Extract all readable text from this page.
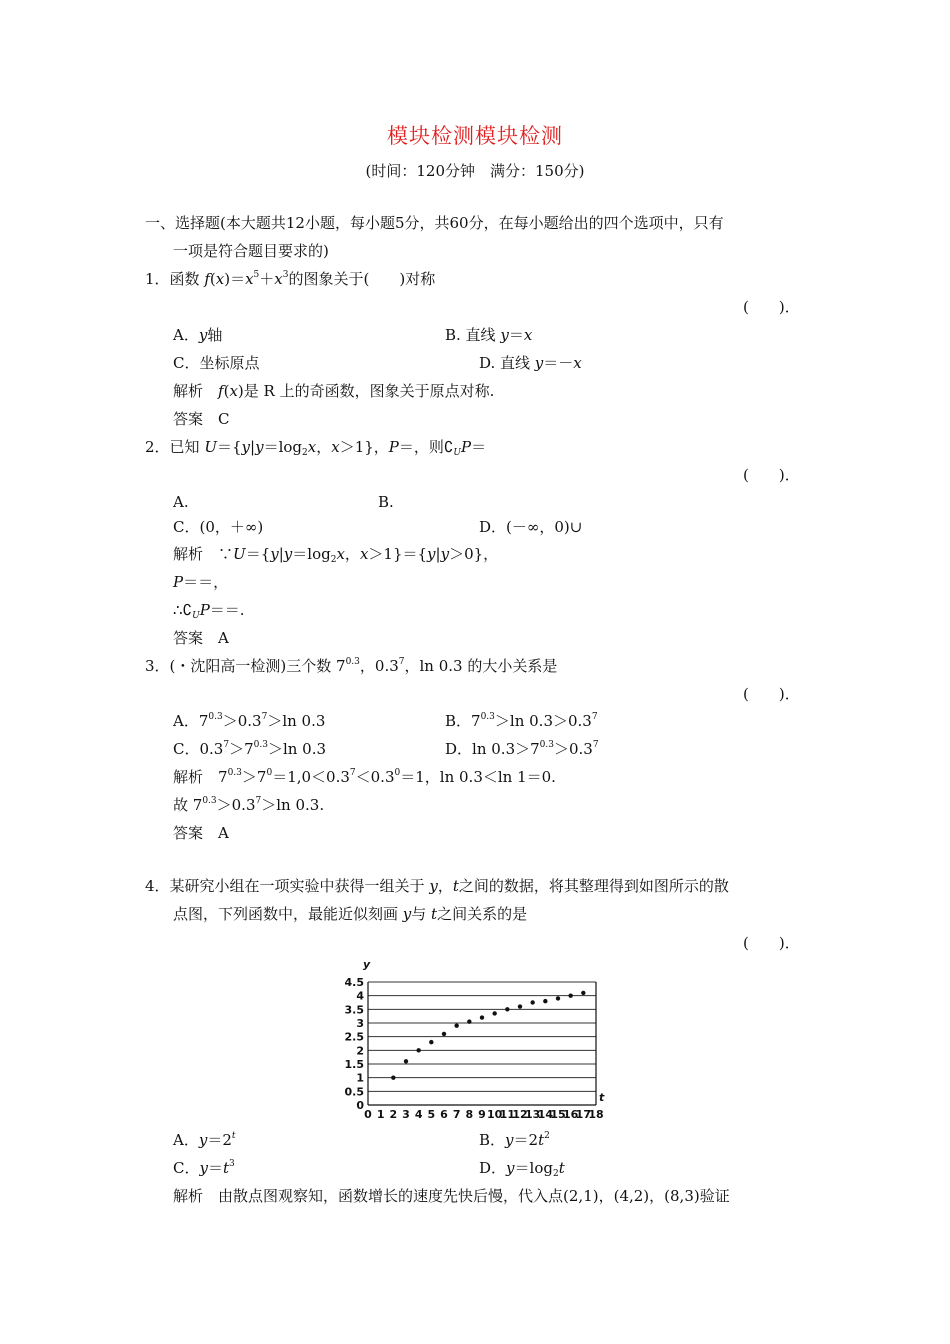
模块检测模块检测
(时间：120分钟　满分：150分)
一、选择题(本大题共12小题，每小题5分，共60分，在每小题给出的四个选项中，只有
一项是符合题目要求的)
1．函数 $f(x)=x^5+x^3$的图象关于(　　)对称
(　　)．
A．y轴	B. 直线 y＝x
C．坐标原点	D. 直线 y＝－x
解析　 f(x)是 R 上的奇函数，图象关于原点对称.
答案　C
2．已知 $U=\{y|y=\log_2x$，x＞1}，P＝，则$∁_UP=$
(　　)．
A.	B.
C．(0，＋∞)	D．(－∞，0)∪
解析　 $\because U=\{y|y=\log_2x$，x＞1}＝{y|y＞0}，
P＝＝，
$\therefore∁_UP==$.
答案　A
3．(・沈阳高一检测)三个数 $7^{0.3}$，$0.3^7$，ln 0.3 的大小关系是
(　　)．
A．$7^{0.3}>0.3^7>\ln$ 0.3	B．$7^{0.3}>\ln$ $0.3>0.3^7$
C．$0.3^7>7^{0.3}>\ln$ 0.3	D．$\ln 0.3>7^{0.3}>0.3^7$
解析　 $7^{0.3}>7^0=1,0<0.3^7<0.3^0=1$，ln 0.3＜ln 1＝0.
故 $7^{0.3}>0.3^7>\ln$ 0.3.
答案　A
4．某研究小组在一项实验中获得一组关于 y，t之间的数据，将其整理得到如图所示的散
点图，下列函数中，最能近似刻画 y与 t之间关系的是
(　　)．
0
0.5
1
1.5
2
2.5
3
3.5
4
4.5
0 1 2 3 4 5 6 7 8 9 10
11
12
13
14
15
16
17
18
y
t
A．$y=2^t$	B．$y=2t^2$
C．$y=t^3$	D．$y=\log_2t$
解析　 由散点图观察知，函数增长的速度先快后慢，代入点(2,1)，(4,2)，(8,3)验证
